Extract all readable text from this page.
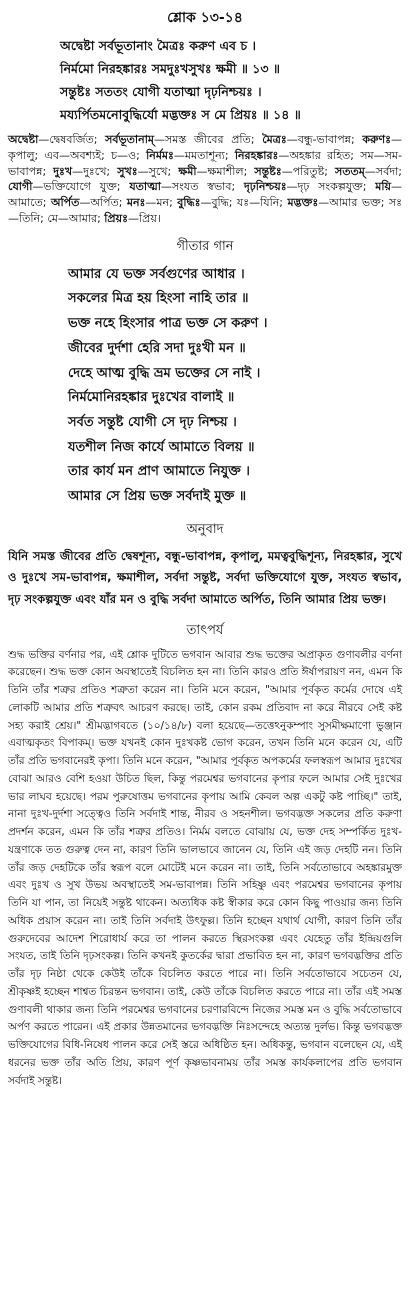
শ্লোক ১৩-১৪
অদ্বেষ্টা সর্বভূতানাং মৈত্রঃ করুণ এব চ ।
নির্মমো নিরহঙ্কারঃ সমদুঃখসুখঃ ক্ষমী ॥ ১৩ ॥
সন্তুষ্টঃ সততং যোগী যতাত্মা দৃঢ়নিশ্চয়ঃ ।
ময্যর্পিতমনোবুদ্ধির্যো মদ্ভক্তঃ স মে প্রিয়ঃ ॥ ১৪ ॥
অদ্বেষ্টা—দ্বেষবর্জিত; সর্বভূতানাম্—সমস্ত জীবের প্রতি; মৈত্রঃ—বন্ধু-ভাবাপন্ন; করুণঃ—কৃপালু; এব—অবশ্যই; চ—ও; নির্মমঃ—মমতাশূন্য; নিরহঙ্কারঃ—অহঙ্কার রহিত; সম—সম-ভাবাপন্ন; দুঃখ—দুঃখে; সুখঃ—সুখে; ক্ষমী—ক্ষমাশীল; সন্তুষ্টঃ—পরিতুষ্ট; সততম্—সর্বদা; যোগী—ভক্তিযোগে যুক্ত; যতাত্মা—সংযত স্বভাব; দৃঢ়নিশ্চয়ঃ—দৃঢ় সংকল্পযুক্ত; ময়ি—আমাতে; অর্পিত—অর্পিত; মনঃ—মন; বুদ্ধিঃ—বুদ্ধি; যঃ—যিনি; মদ্ভক্তঃ—আমার ভক্ত; সঃ—তিনি; মে—আমার; প্রিয়ঃ—প্রিয়।
গীতার গান
আমার যে ভক্ত সর্বগুণের আধার ।
সকলের মিত্র হয় হিংসা নাহি তার ॥
ভক্ত নহে হিংসার পাত্র ভক্ত সে করুণ ।
জীবের দুর্দশা হেরি সদা দুঃখী মন ॥
দেহে আত্ম বুদ্ধি ভ্রম ভক্তের সে নাই ।
নির্মমোনিরহঙ্কার দুঃখের বালাই ॥
সর্বত সন্তুষ্ট যোগী সে দৃঢ় নিশ্চয় ।
যতশীল নিজ কার্যে আমাতে বিলয় ॥
তার কার্য মন প্রাণ আমাতে নিযুক্ত ।
আমার সে প্রিয় ভক্ত সর্বদাই মুক্ত ॥
অনুবাদ
যিনি সমস্ত জীবের প্রতি দ্বেষশূন্য, বন্ধু-ভাবাপন্ন, কৃপালু, মমত্ববুদ্ধিশূন্য, নিরহঙ্কার, সুখে ও দুঃখে সম-ভাবাপন্ন, ক্ষমাশীল, সর্বদা সন্তুষ্ট, সর্বদা ভক্তিযোগে যুক্ত, সংযত স্বভাব, দৃঢ় সংকল্পযুক্ত এবং যাঁর মন ও বুদ্ধি সর্বদা আমাতে অর্পিত, তিনি আমার প্রিয় ভক্ত।
তাৎপর্য
শুদ্ধ ভক্তির বর্ণনার পর, এই শ্লোক দুটিতে ভগবান আবার শুদ্ধ ভক্তের অপ্রাকৃত গুণাবলীর বর্ণনা করেছেন। শুদ্ধ ভক্ত কোন অবস্থাতেই বিচলিত হন না। তিনি কারও প্রতি ঈর্ষাপরায়ণ নন, এমন কি তিনি তাঁর শত্রুর প্রতিও শত্রুতা করেন না। তিনি মনে করেন, "আমার পূর্বকৃত কর্মের দোষে এই লোকটি আমার প্রতি শত্রুবৎ আচরণ করছে। তাই, কোন রকম প্রতিবাদ না করে নীরবে সেই কষ্ট সহ্য করাই শ্রেয়।" শ্রীমদ্ভাগবতে (১০/১৪/৮) বলা হয়েছে—তত্তেঽনুকম্পাং সুসমীক্ষমাণো ভুঞ্জান এবাত্মকৃতং বিপাকম্। ভক্ত যখনই কোন দুঃখকষ্ট ভোগ করেন, তখন তিনি মনে করেন যে, এটি তাঁর প্রতি ভগবানেরই কৃপা। তিনি মনে করেন, "আমার পূর্বকৃত অপকর্মের ফলস্বরূপ আমার দুঃখের বোঝা আরও বেশি হওয়া উচিত ছিল, কিন্তু পরমেশ্বর ভগবানের কৃপার ফলে আমার সেই দুঃখের ভার লাঘব হয়েছে। পরম পুরুষোত্তম ভগবানের কৃপায় আমি কেবল অল্প একটু কষ্ট পাচ্ছি।" তাই, নানা দুঃখ-দুর্দশা সত্ত্বেও তিনি সর্বদাই শান্ত, নীরব ও সহনশীল। ভগবদ্ভক্ত সকলের প্রতি করুণা প্রদর্শন করেন, এমন কি তাঁর শত্রুর প্রতিও। নির্মম বলতে বোঝায় যে, ভক্ত দেহ সম্পর্কিত দুঃখ-যন্ত্রণাকে তত গুরুত্ব দেন না, কারণ তিনি ভালভাবে জানেন যে, তিনি এই জড় দেহটি নন। তিনি তাঁর জড় দেহটিকে তাঁর স্বরূপ বলে মোটেই মনে করেন না। তাই, তিনি সর্বতোভাবে অহঙ্কারমুক্ত এবং দুঃখ ও সুখ উভয় অবস্থাতেই সম-ভাবাপন্ন। তিনি সহিষ্ণু এবং পরমেশ্বর ভগবানের কৃপায় তিনি যা পান, তা নিয়েই সন্তুষ্ট থাকেন। অত্যধিক কষ্ট স্বীকার করে কোন কিছু পাওয়ার জন্য তিনি অধিক প্রয়াস করেন না। তাই তিনি সর্বদাই উৎফুল্ল। তিনি হচ্ছেন যথার্থ যোগী, কারণ তিনি তাঁর গুরুদেবের আদেশ শিরোধার্য করে তা পালন করতে স্থিরসংকল্প এবং যেহেতু তাঁর ইন্দ্রিয়গুলি সংযত, তাই তিনি দৃঢ়সংকল্প। তিনি কখনই কুতর্কের দ্বারা প্রভাবিত হন না, কারণ ভগবদ্ভক্তির প্রতি তাঁর দৃঢ় নিষ্ঠা থেকে কেউই তাঁকে বিচলিত করতে পারে না। তিনি সর্বতোভাবে সচেতন যে, শ্রীকৃষ্ণই হচ্ছেন শাশ্বত চিরন্তন ভগবান। তাই, কেউ তাঁকে বিচলিত করতে পারে না। তাঁর এই সমস্ত গুণাবলী থাকার জন্য তিনি পরমেশ্বর ভগবানের চরণারবিন্দে নিজের সমস্ত মন ও বুদ্ধি সর্বতোভাবে অর্পণ করতে পারেন। এই প্রকার উন্নতমানের ভগবদ্ভক্তি নিঃসন্দেহে অত্যন্ত দুর্লভ। কিন্তু ভগবদ্ভক্ত ভক্তিযোগের বিধি-নিষেধ পালন করে সেই স্তরে অধিষ্ঠিত হন। অধিকন্তু, ভগবান বলেছেন যে, এই ধরনের ভক্ত তাঁর অতি প্রিয়, কারণ পূর্ণ কৃষ্ণভাবনাময় তাঁর সমস্ত কার্যকলাপের প্রতি ভগবান সর্বদাই সন্তুষ্ট।
